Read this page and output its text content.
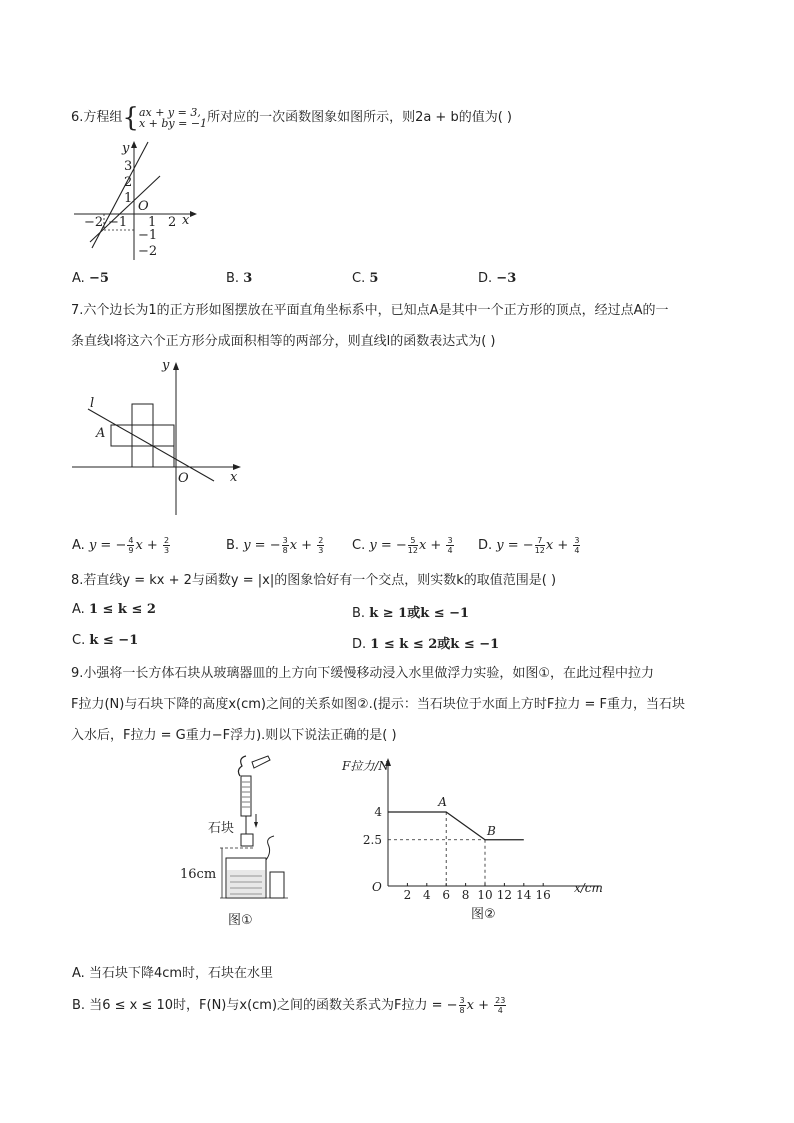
6.方程组{ ax + y = 3,
x + by = −1 所对应的一次函数图象如图所示，则2a + b的值为( )
y
x
O
3
2
1
−1
−2
−2 −1 1 2
A. −5	B. 3	C. 5	D. −3
7.六个边长为1的正方形如图摆放在平面直角坐标系中，已知点A是其中一个正方形的顶点，经过点A的一
条直线l将这六个正方形分成面积相等的两部分，则直线l的函数表达式为( )
l
A
y
x
O
A. y = − $\frac{4}{9}$ $x + \frac{2}{3}$	B. y = − $\frac{3}{8}$ $x + \frac{2}{3} C$. y = − $\frac{5}{12}$ $x + \frac{3}{4} D$. y = − $\frac{7}{12}$ $x + \frac{3}{4}$
8.若直线y = kx + 2与函数y = |x|的图象恰好有一个交点，则实数k的取值范围是( )
A. 1 ≤ k ≤ 2	B. k ≥ 1或k ≤ −1
C. k ≤ −1	D. 1 ≤ k ≤ 2或k ≤ −1
9.小强将一长方体石块从玻璃器皿的上方向下缓慢移动浸入水里做浮力实验，如图①，在此过程中拉力
F拉力(N)与石块下降的高度x(cm)之间的关系如图②.(提示：当石块位于水面上方时F拉力 = F重力，当石块
入水后，F拉力 = G重力−F浮力).则以下说法正确的是( )
石块
16cm
图①
2 4 6 8 10 12 14 16
4
2.5
A
B
F拉力/N
x/cm
O
图②
A. 当石块下降4cm时，石块在水里
B. 当6 ≤ x ≤ 10时，F(N)与x(cm)之间的函数关系式为F拉力 = − $\frac{3}{8}$ $x + \frac{23}{4}$
